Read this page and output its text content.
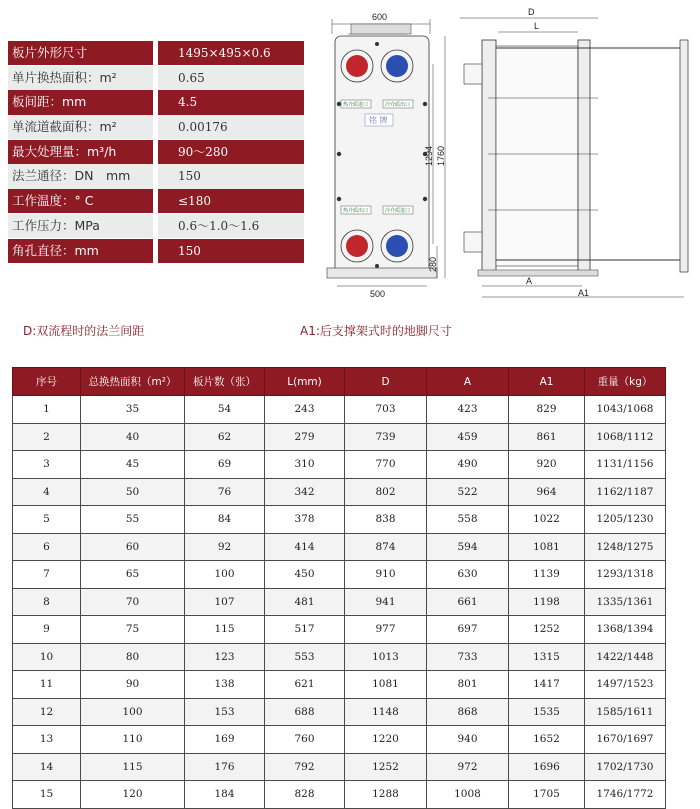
板片外形尺寸	1495×495×0.6
单片换热面积：m²	0.65
板间距：mm	4.5
单流道截面积：m²	0.00176
最大处理量：m³/h	90～280
法兰通径：DN　mm	150
工作温度：° C	≤180
工作压力：MPa	0.6～1.0～1.6
角孔直径：mm	150
600
热介质进口	冷介质出口
热介质出口	冷介质进口
铭 牌
1294 1760
280
500
D
L
A
A1
D:双流程时的法兰间距	A1:后支撑架式时的地脚尺寸
序号	总换热面积（m²）	板片数（张）	L(mm)	D	A	A1	重量（kg）
1	35	54	243	703	423	829	1043/1068
2	40	62	279	739	459	861	1068/1112
3	45	69	310	770	490	920	1131/1156
4	50	76	342	802	522	964	1162/1187
5	55	84	378	838	558	1022	1205/1230
6	60	92	414	874	594	1081	1248/1275
7	65	100	450	910	630	1139	1293/1318
8	70	107	481	941	661	1198	1335/1361
9	75	115	517	977	697	1252	1368/1394
10	80	123	553	1013	733	1315	1422/1448
11	90	138	621	1081	801	1417	1497/1523
12	100	153	688	1148	868	1535	1585/1611
13	110	169	760	1220	940	1652	1670/1697
14	115	176	792	1252	972	1696	1702/1730
15	120	184	828	1288	1008	1705	1746/1772
